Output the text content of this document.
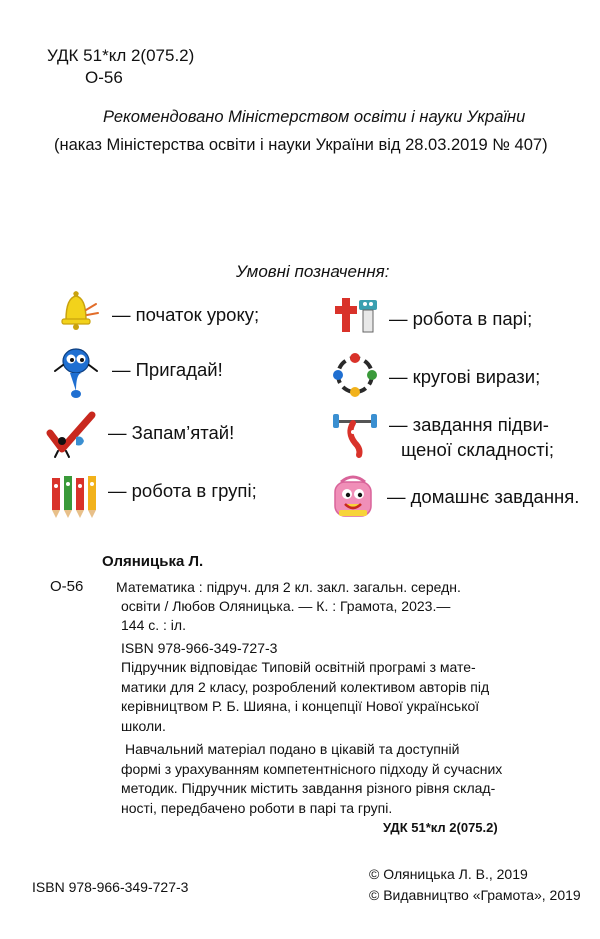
УДК 51*кл 2(075.2)
О-56
Рекомендовано Міністерством освіти і науки України
(наказ Міністерства освіти і науки України від 28.03.2019 № 407)
Умовні позначення:
— початок уроку;
— Пригадай!
— Запам’ятай!
— робота в групі;
— робота в парі;
— кругові вирази;
— завдання підви-
щеної складності;
— домашнє завдання.
Оляницька Л.
О-56 Математика : підруч. для 2 кл. закл. загальн. середн.
освіти / Любов Оляницька. — К. : Грамота, 2023.—
144 с. : іл.
ISBN 978-966-349-727-3
Підручник відповідає Типовій освітній програмі з мате-
матики для 2 класу, розроблений колективом авторів під
керівництвом Р. Б. Шияна, і концепції Нової української
школи.
Навчальний матеріал подано в цікавій та доступній
формі з урахуванням компетентнісного підходу й сучасних
методик. Підручник містить завдання різного рівня склад-
ності, передбачено роботи в парі та групі.
УДК 51*кл 2(075.2)
ISBN 978-966-349-727-3
© Оляницька Л. В., 2019
© Видавництво «Грамота», 2019
